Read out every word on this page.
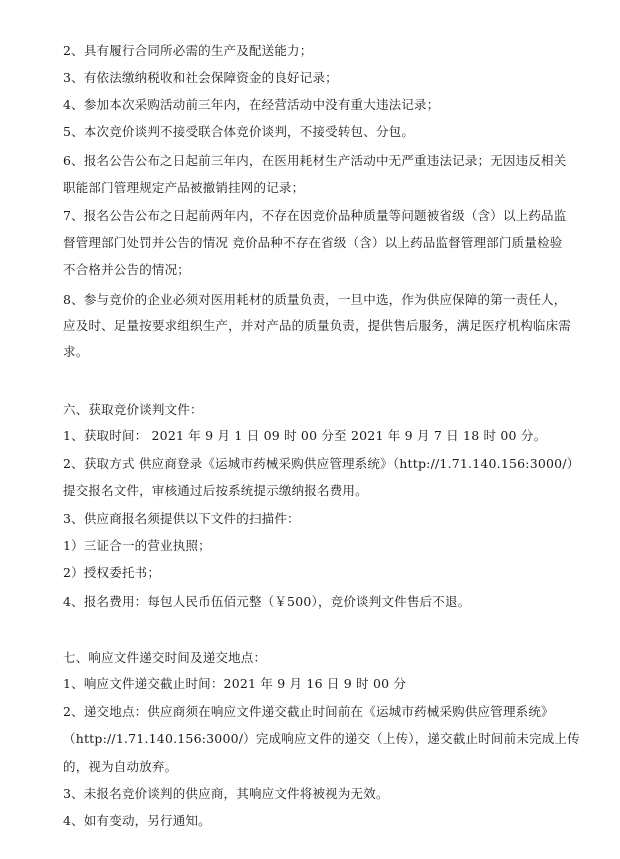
2、具有履行合同所必需的生产及配送能力；
3、有依法缴纳税收和社会保障资金的良好记录；
4、参加本次采购活动前三年内，在经营活动中没有重大违法记录；
5、本次竞价谈判不接受联合体竞价谈判，不接受转包、分包。
6、报名公告公布之日起前三年内，在医用耗材生产活动中无严重违法记录；无因违反相关
职能部门管理规定产品被撤销挂网的记录；
7、报名公告公布之日起前两年内，不存在因竞价品种质量等问题被省级（含）以上药品监
督管理部门处罚并公告的情况 竞价品种不存在省级（含）以上药品监督管理部门质量检验
不合格并公告的情况；
8、参与竞价的企业必须对医用耗材的质量负责，一旦中选，作为供应保障的第一责任人，
应及时、足量按要求组织生产，并对产品的质量负责，提供售后服务，满足医疗机构临床需
求。
六、获取竞价谈判文件：
1、获取时间： 2021 年 9 月 1 日 09 时 00 分至 2021 年 9 月 7 日 18 时 00 分。
2、获取方式 供应商登录《运城市药械采购供应管理系统》（http://1.71.140.156:3000/）
提交报名文件，审核通过后按系统提示缴纳报名费用。
3、供应商报名须提供以下文件的扫描件：
1）三证合一的营业执照；
2）授权委托书；
4、报名费用：每包人民币伍佰元整（￥500），竞价谈判文件售后不退。
七、响应文件递交时间及递交地点：
1、响应文件递交截止时间：2021 年 9 月 16 日 9 时 00 分
2、递交地点：供应商须在响应文件递交截止时间前在《运城市药械采购供应管理系统》
（http://1.71.140.156:3000/）完成响应文件的递交（上传），递交截止时间前未完成上传
的，视为自动放弃。
3、未报名竞价谈判的供应商，其响应文件将被视为无效。
4、如有变动，另行通知。
